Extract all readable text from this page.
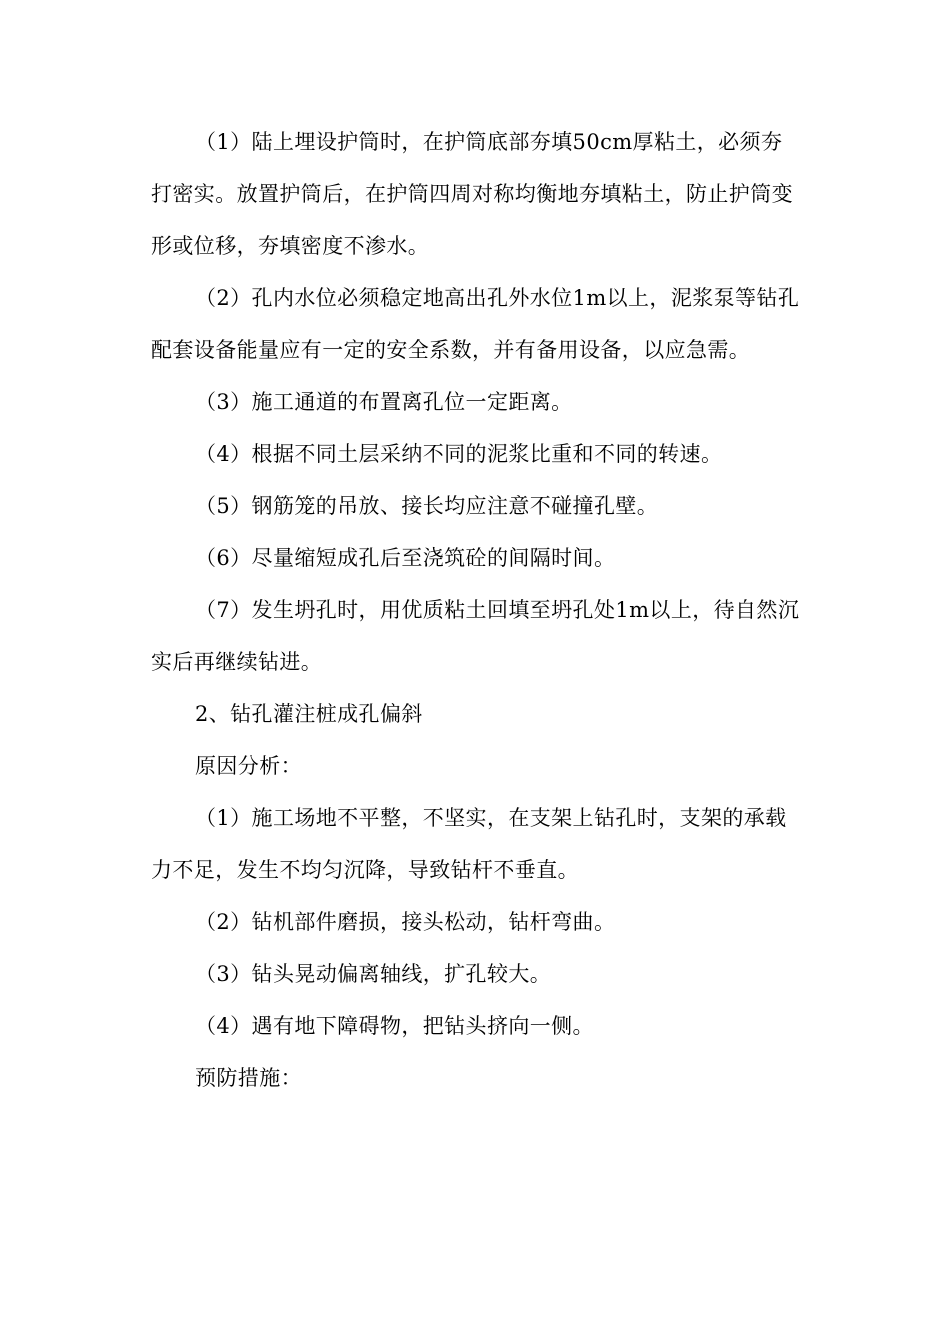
（1）陆上埋设护筒时，在护筒底部夯填50cm厚粘土，必须夯打密实。放置护筒后，在护筒四周对称均衡地夯填粘土，防止护筒变形或位移，夯填密度不渗水。

（2）孔内水位必须稳定地高出孔外水位1m以上，泥浆泵等钻孔配套设备能量应有一定的安全系数，并有备用设备，以应急需。

（3）施工通道的布置离孔位一定距离。

（4）根据不同土层采纳不同的泥浆比重和不同的转速。

（5）钢筋笼的吊放、接长均应注意不碰撞孔壁。

（6）尽量缩短成孔后至浇筑砼的间隔时间。

（7）发生坍孔时，用优质粘土回填至坍孔处1m以上，待自然沉实后再继续钻进。

2、钻孔灌注桩成孔偏斜

原因分析：

（1）施工场地不平整，不坚实，在支架上钻孔时，支架的承载力不足，发生不均匀沉降，导致钻杆不垂直。

（2）钻机部件磨损，接头松动，钻杆弯曲。

（3）钻头晃动偏离轴线，扩孔较大。

（4）遇有地下障碍物，把钻头挤向一侧。

预防措施：
